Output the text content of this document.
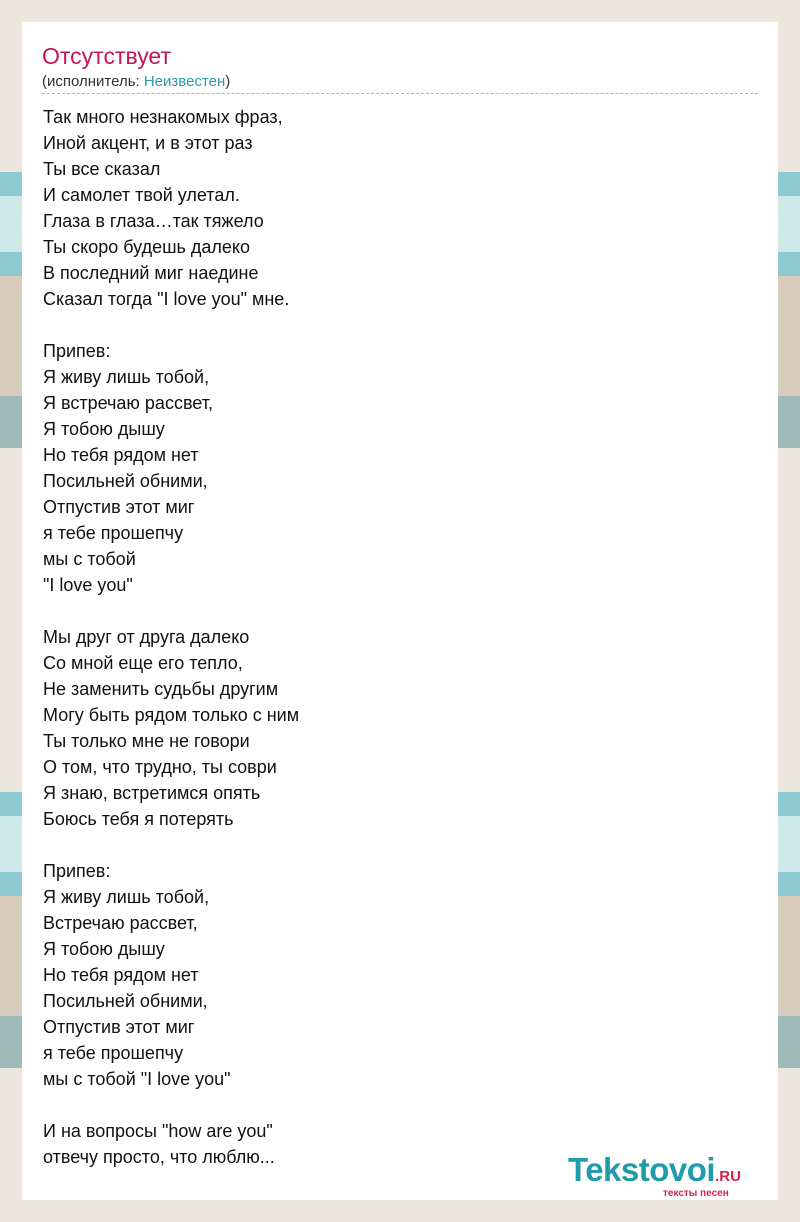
Отсутствует
(исполнитель: Неизвестен)
Так много незнакомых фраз,
Иной акцент, и в этот раз
Ты все сказал
И самолет твой улетал.
Глаза в глаза…так тяжело
Ты скоро будешь далеко
В последний миг наедине
Сказал тогда "I love you" мне.

Припев:
Я живу лишь тобой,
Я встречаю рассвет,
Я тобою дышу
Но тебя рядом нет
Посильней обними,
Отпустив этот миг
я тебе прошепчу
мы с тобой
"I love you"

Мы друг от друга далеко
Со мной еще его тепло,
Не заменить судьбы другим
Могу быть рядом только с ним
Ты только мне не говори
О том, что трудно, ты соври
Я знаю, встретимся опять
Боюсь тебя я потерять

Припев:
Я живу лишь тобой,
Встречаю рассвет,
Я тобою дышу
Но тебя рядом нет
Посильней обними,
Отпустив этот миг
я тебе прошепчу
мы с тобой "I love you"

И на вопросы "how are you"
отвечу просто, что люблю...	Tekstovoi.RU
тексты песен
